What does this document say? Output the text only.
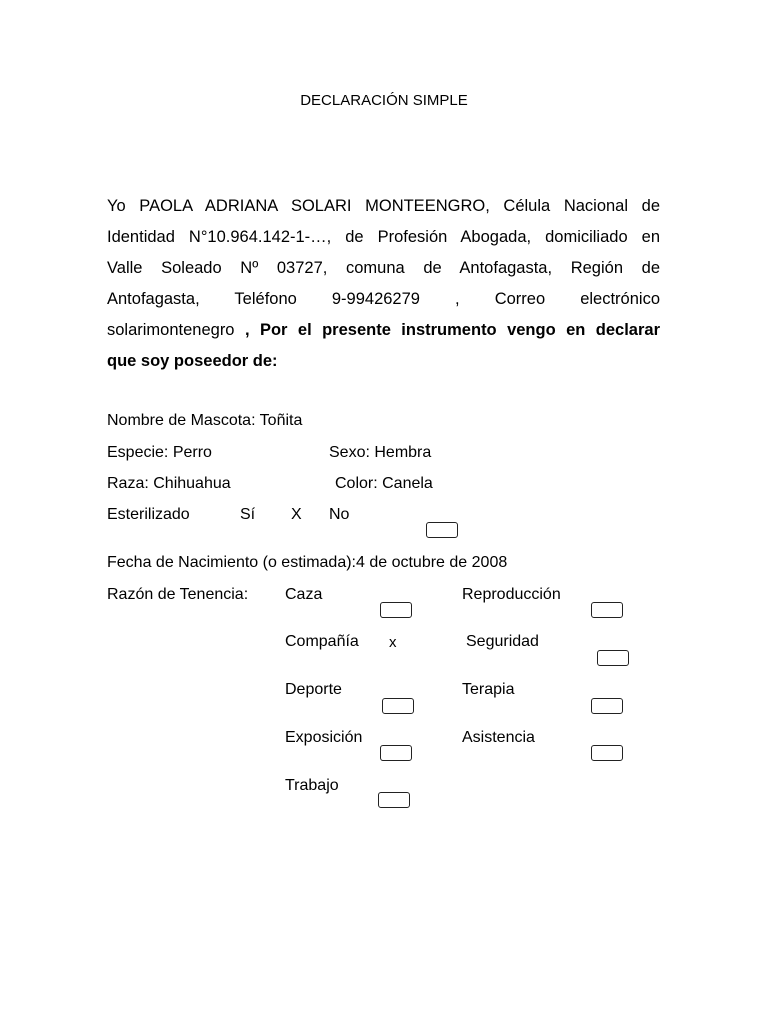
DECLARACIÓN SIMPLE
Yo PAOLA ADRIANA SOLARI MONTEENGRO, Célula Nacional de
Identidad N°10.964.142-1-…, de Profesión Abogada, domiciliado en
Valle Soleado Nº 03727, comuna de Antofagasta, Región de
Antofagasta, Teléfono 9-99426279 , Correo electrónico
solarimontenegro , Por el presente instrumento vengo en declarar
que soy poseedor de:
Nombre de Mascota: Toñita
Especie: Perro	Sexo: Hembra
Raza: Chihuahua	Color: Canela
Esterilizado	Sí X No
Fecha de Nacimiento (o estimada):4 de octubre de 2008
Razón de Tenencia: Caza	Reproducción
Compañía x	Seguridad
Deporte	Terapia
Exposición	Asistencia
Trabajo
